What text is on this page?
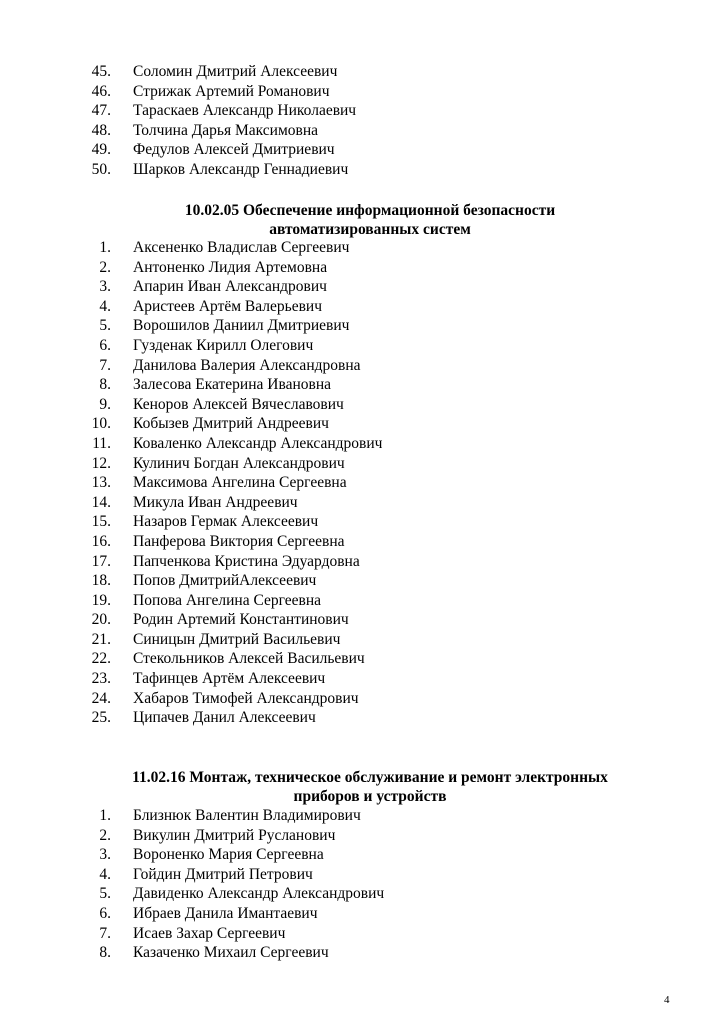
45. Соломин Дмитрий Алексеевич
46. Стрижак Артемий Романович
47. Тараскаев Александр Николаевич
48. Толчина Дарья Максимовна
49. Федулов Алексей Дмитриевич
50. Шарков Александр Геннадиевич
10.02.05 Обеспечение информационной безопасности
автоматизированных систем
1. Аксененко Владислав Сергеевич
2. Антоненко Лидия Артемовна
3. Апарин Иван Александрович
4. Аристеев Артём Валерьевич
5. Ворошилов Даниил Дмитриевич
6. Гузденак Кирилл Олегович
7. Данилова Валерия Александровна
8. Залесова Екатерина Ивановна
9. Кеноров Алексей Вячеславович
10. Кобызев Дмитрий Андреевич
11. Коваленко Александр Александрович
12. Кулинич Богдан Александрович
13. Максимова Ангелина Сергеевна
14. Микула Иван Андреевич
15. Назаров Гермак Алексеевич
16. Панферова Виктория Сергеевна
17. Папченкова Кристина Эдуардовна
18. Попов ДмитрийАлексеевич
19. Попова Ангелина Сергеевна
20. Родин Артемий Константинович
21. Синицын Дмитрий Васильевич
22. Стекольников Алексей Васильевич
23. Тафинцев Артём Алексеевич
24. Хабаров Тимофей Александрович
25. Ципачев Данил Алексеевич
11.02.16 Монтаж, техническое обслуживание и ремонт электронных
приборов и устройств
1. Близнюк Валентин Владимирович
2. Викулин Дмитрий Русланович
3. Вороненко Мария Сергеевна
4. Гойдин Дмитрий Петрович
5. Давиденко Александр Александрович
6. Ибраев Данила Имантаевич
7. Исаев Захар Сергеевич
8. Казаченко Михаил Сергеевич
4
